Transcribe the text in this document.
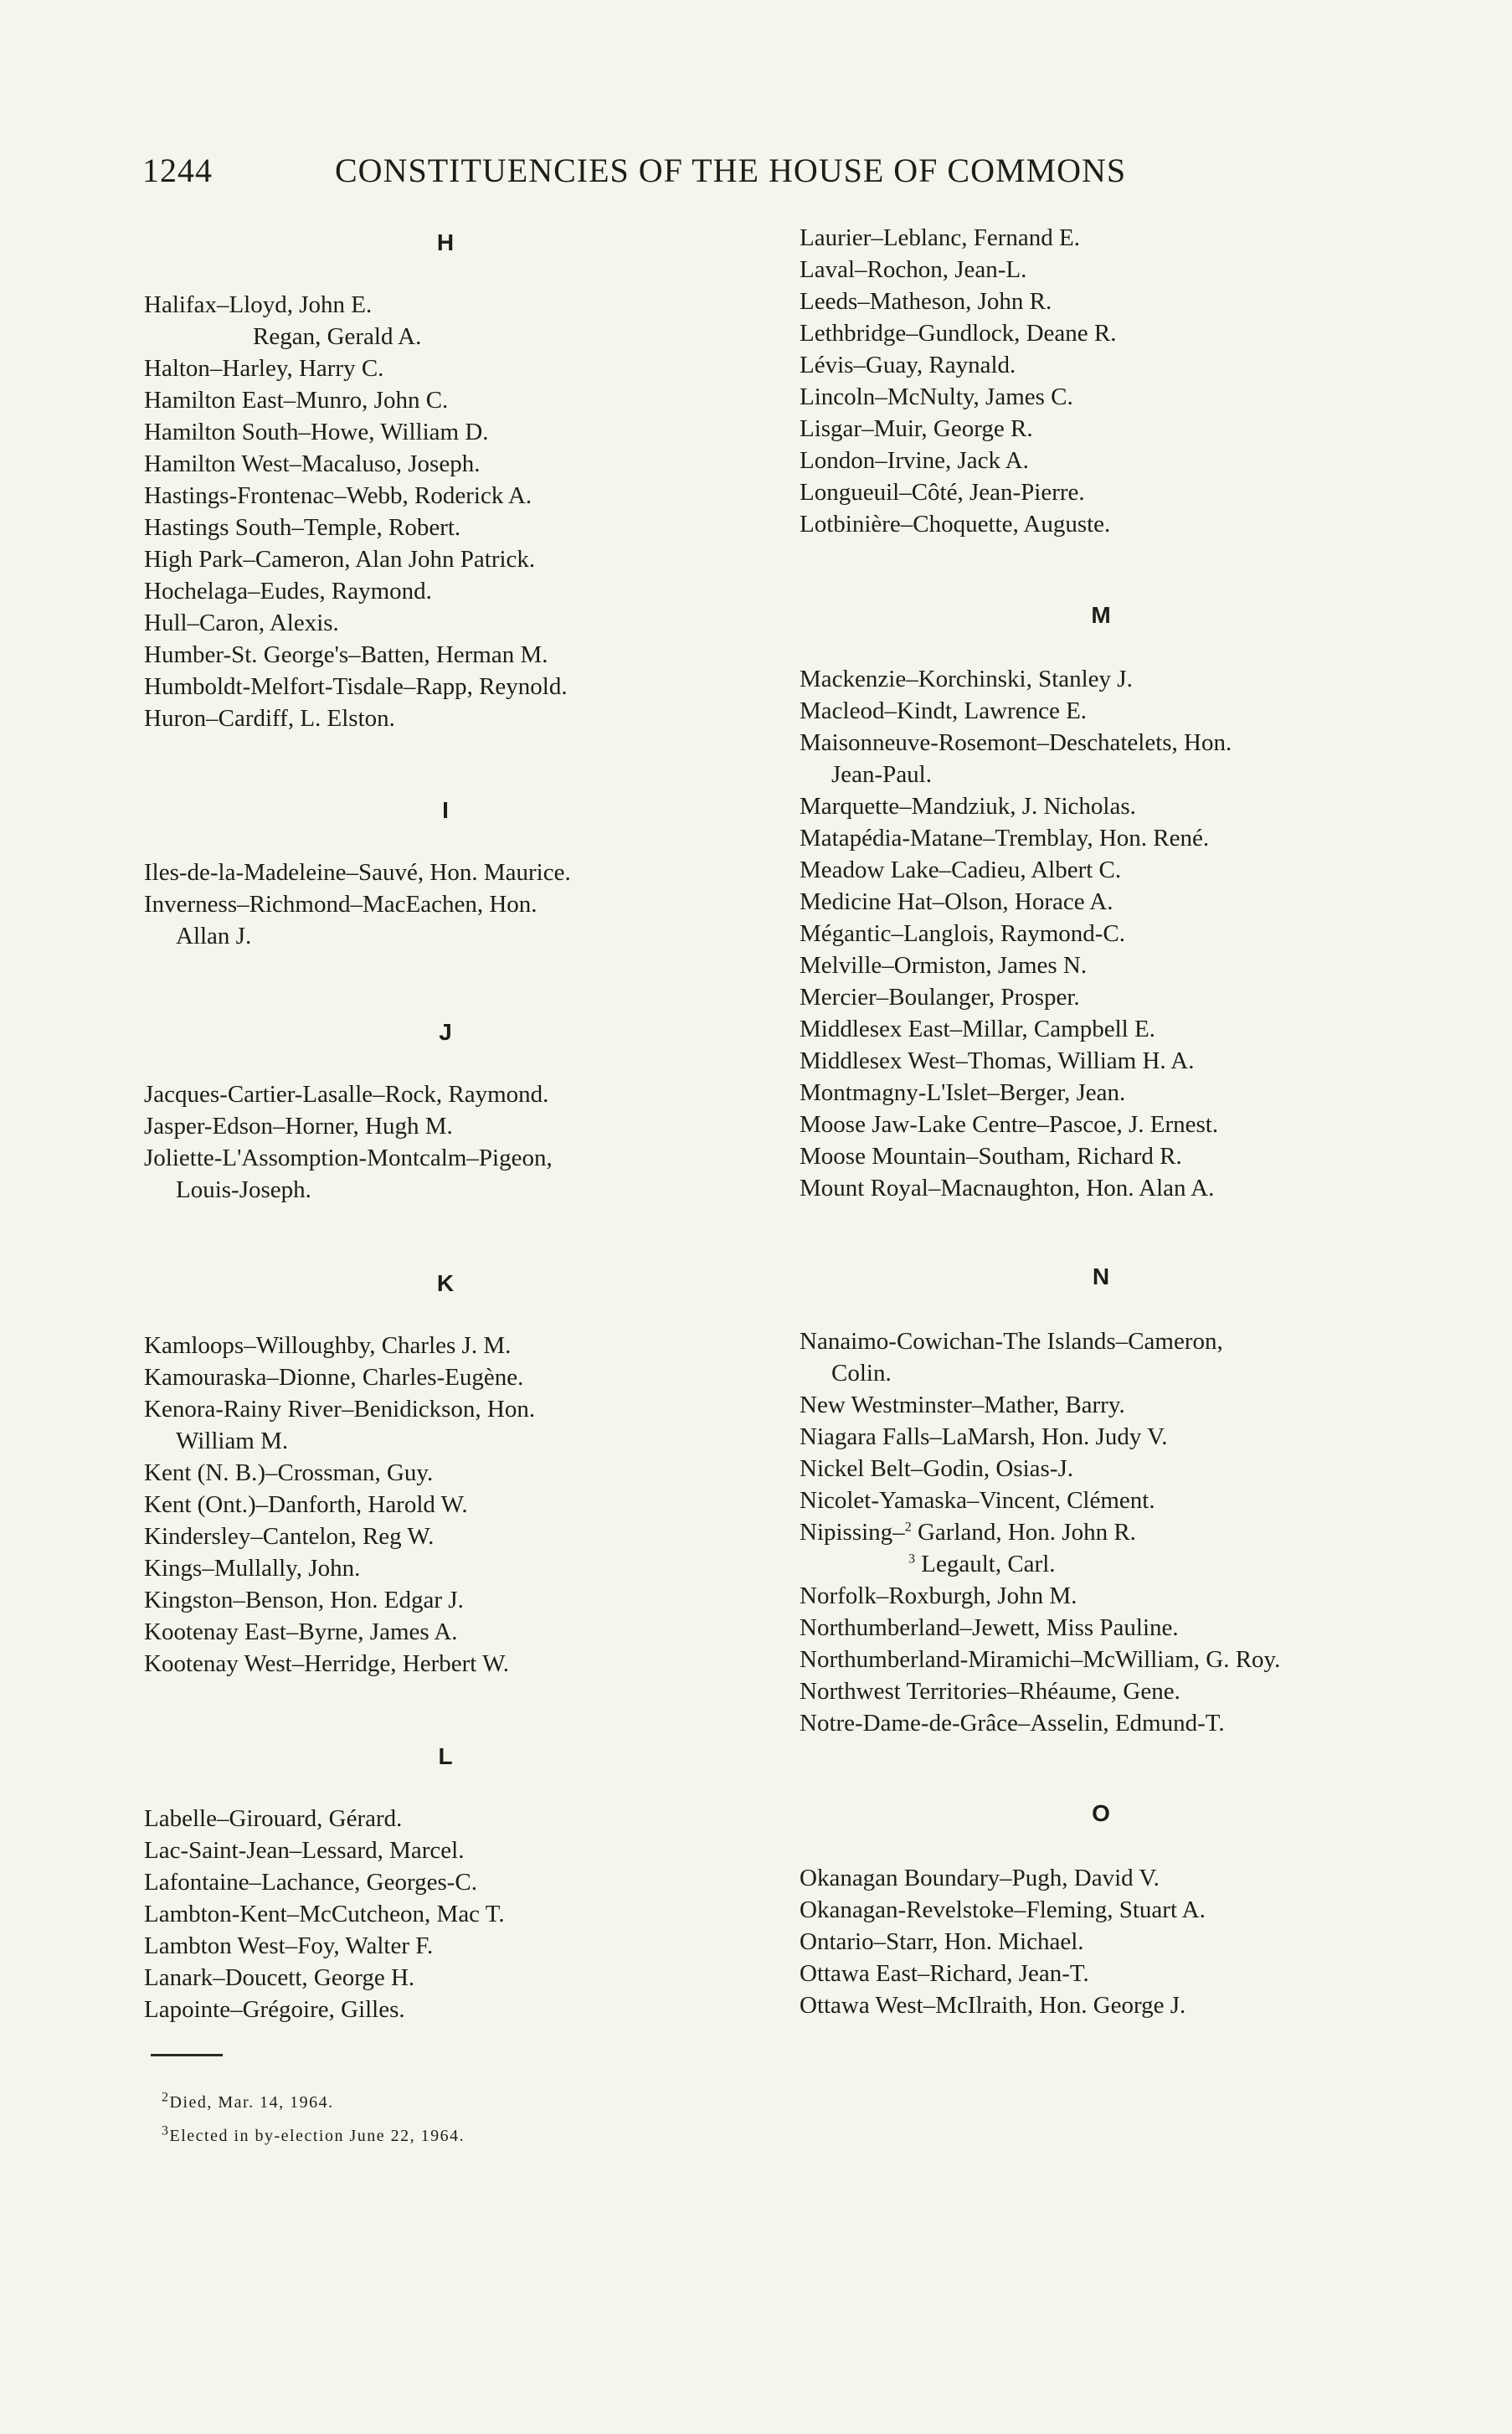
1244	CONSTITUENCIES OF THE HOUSE OF COMMONS
H
Halifax–Lloyd, John E.
Regan, Gerald A.
Halton–Harley, Harry C.
Hamilton East–Munro, John C.
Hamilton South–Howe, William D.
Hamilton West–Macaluso, Joseph.
Hastings-Frontenac–Webb, Roderick A.
Hastings South–Temple, Robert.
High Park–Cameron, Alan John Patrick.
Hochelaga–Eudes, Raymond.
Hull–Caron, Alexis.
Humber-St. George's–Batten, Herman M.
Humboldt-Melfort-Tisdale–Rapp, Reynold.
Huron–Cardiff, L. Elston.
I
Iles-de-la-Madeleine–Sauvé, Hon. Maurice.
Inverness–Richmond–MacEachen, Hon.
Allan J.
J
Jacques-Cartier-Lasalle–Rock, Raymond.
Jasper-Edson–Horner, Hugh M.
Joliette-L'Assomption-Montcalm–Pigeon,
Louis-Joseph.
K
Kamloops–Willoughby, Charles J. M.
Kamouraska–Dionne, Charles-Eugène.
Kenora-Rainy River–Benidickson, Hon.
William M.
Kent (N. B.)–Crossman, Guy.
Kent (Ont.)–Danforth, Harold W.
Kindersley–Cantelon, Reg W.
Kings–Mullally, John.
Kingston–Benson, Hon. Edgar J.
Kootenay East–Byrne, James A.
Kootenay West–Herridge, Herbert W.
L
Labelle–Girouard, Gérard.
Lac-Saint-Jean–Lessard, Marcel.
Lafontaine–Lachance, Georges-C.
Lambton-Kent–McCutcheon, Mac T.
Lambton West–Foy, Walter F.
Lanark–Doucett, George H.
Lapointe–Grégoire, Gilles.
Laurier–Leblanc, Fernand E.
Laval–Rochon, Jean-L.
Leeds–Matheson, John R.
Lethbridge–Gundlock, Deane R.
Lévis–Guay, Raynald.
Lincoln–McNulty, James C.
Lisgar–Muir, George R.
London–Irvine, Jack A.
Longueuil–Côté, Jean-Pierre.
Lotbinière–Choquette, Auguste.
M
Mackenzie–Korchinski, Stanley J.
Macleod–Kindt, Lawrence E.
Maisonneuve-Rosemont–Deschatelets, Hon.
Jean-Paul.
Marquette–Mandziuk, J. Nicholas.
Matapédia-Matane–Tremblay, Hon. René.
Meadow Lake–Cadieu, Albert C.
Medicine Hat–Olson, Horace A.
Mégantic–Langlois, Raymond-C.
Melville–Ormiston, James N.
Mercier–Boulanger, Prosper.
Middlesex East–Millar, Campbell E.
Middlesex West–Thomas, William H. A.
Montmagny-L'Islet–Berger, Jean.
Moose Jaw-Lake Centre–Pascoe, J. Ernest.
Moose Mountain–Southam, Richard R.
Mount Royal–Macnaughton, Hon. Alan A.
N
Nanaimo-Cowichan-The Islands–Cameron,
Colin.
New Westminster–Mather, Barry.
Niagara Falls–LaMarsh, Hon. Judy V.
Nickel Belt–Godin, Osias-J.
Nicolet-Yamaska–Vincent, Clément.
Nipissing–$^2$ Garland, Hon. John R.
$^3$ Legault, Carl.
Norfolk–Roxburgh, John M.
Northumberland–Jewett, Miss Pauline.
Northumberland-Miramichi–McWilliam, G. Roy.
Northwest Territories–Rhéaume, Gene.
Notre-Dame-de-Grâce–Asselin, Edmund-T.
O
Okanagan Boundary–Pugh, David V.
Okanagan-Revelstoke–Fleming, Stuart A.
Ontario–Starr, Hon. Michael.
Ottawa East–Richard, Jean-T.
Ottawa West–McIlraith, Hon. George J.
$^2$Died, Mar. 14, 1964.
$^3$Elected in by-election June 22, 1964.
